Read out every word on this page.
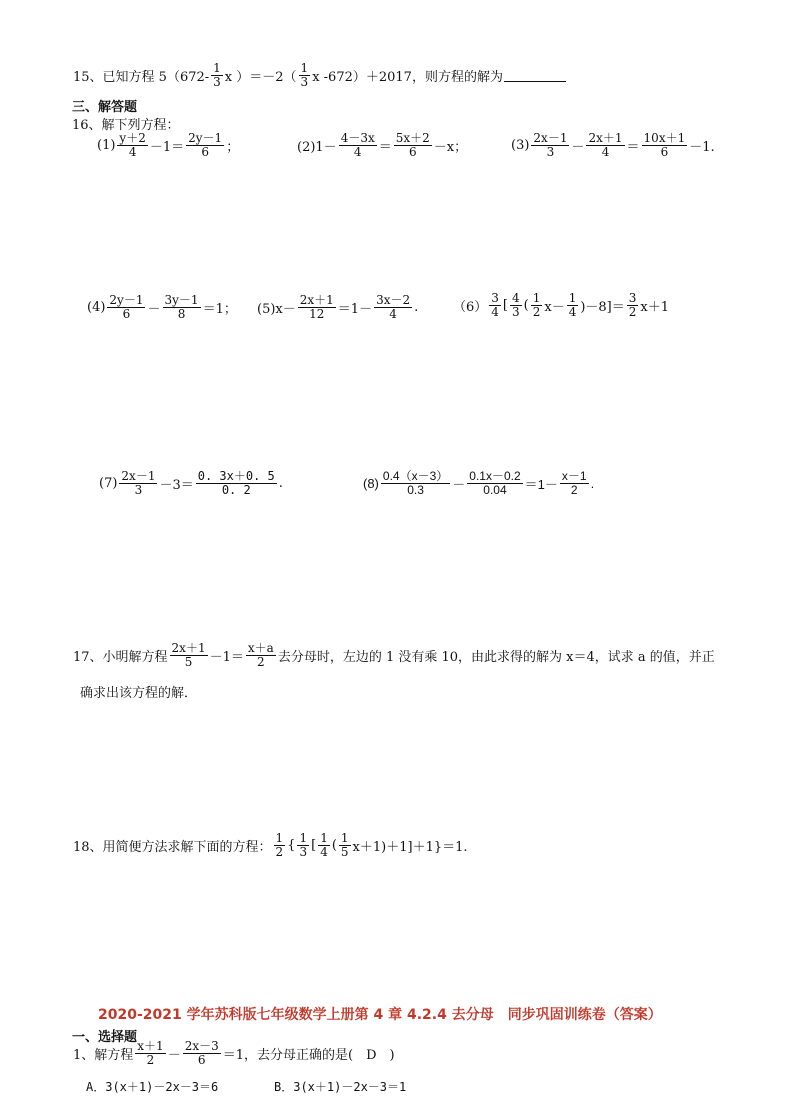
15、已知方程 $5(672- \frac{1}{3}$ x ）$=-2( \frac{1}{3}$ x -672）＋2017，则方程的解为
三、解答题
16、解下列方程：
$(1) \frac{y+2}{4} -1= \frac{2y-1}{6}$ ；	$(2)1- \frac{4-3x}{4} = \frac{5x+2}{6} -x$；	$(3) \frac{2x-1}{3} - \frac{2x+1}{4} = \frac{10x+1}{6} -1$.
$(4) \frac{2y-1}{6} - \frac{3y-1}{8} =1$； $(5)x- \frac{2x+1}{12} =1- \frac{3x-2}{4}$ .	$(6) \frac{3}{4}$ [ $\frac{4}{3}$ ( $\frac{1}{2} x- \frac{1}{4} )-8]= \frac{3}{2} x+1$
$(7) \frac{2x-1}{3} -3= \frac{0. 3x+0. 5}{0. 2}$ .	$(8) \frac{0.4(x-3)}{0.3} - \frac{0.1x-0.2}{0.04} =1- \frac{x-1}{2}$ .
17、小明解方程 $\frac{2x+1}{5} -1= \frac{x+a}{2}$ 去分母时，左边的 1 没有乘 10，由此求得的解为 x＝4，试求 a 的值，并正
确求出该方程的解．
18、用简便方法求解下面的方程： $\frac{1}{2}$ { $\frac{1}{3}$ [ $\frac{1}{4}$ ( $\frac{1}{5} x+1)+1]+1\}=1$.
2020-2021 学年苏科版七年级数学上册第 4 章 4.2.4 去分母　同步巩固训练卷（答案）
一、选择题
1、解方程 $\frac{x+1}{2} - \frac{2x-3}{6} =1$，去分母正确的是(　D　)
A．3(x＋1)－2x－3＝6	B．3(x＋1)－2x－3＝1
